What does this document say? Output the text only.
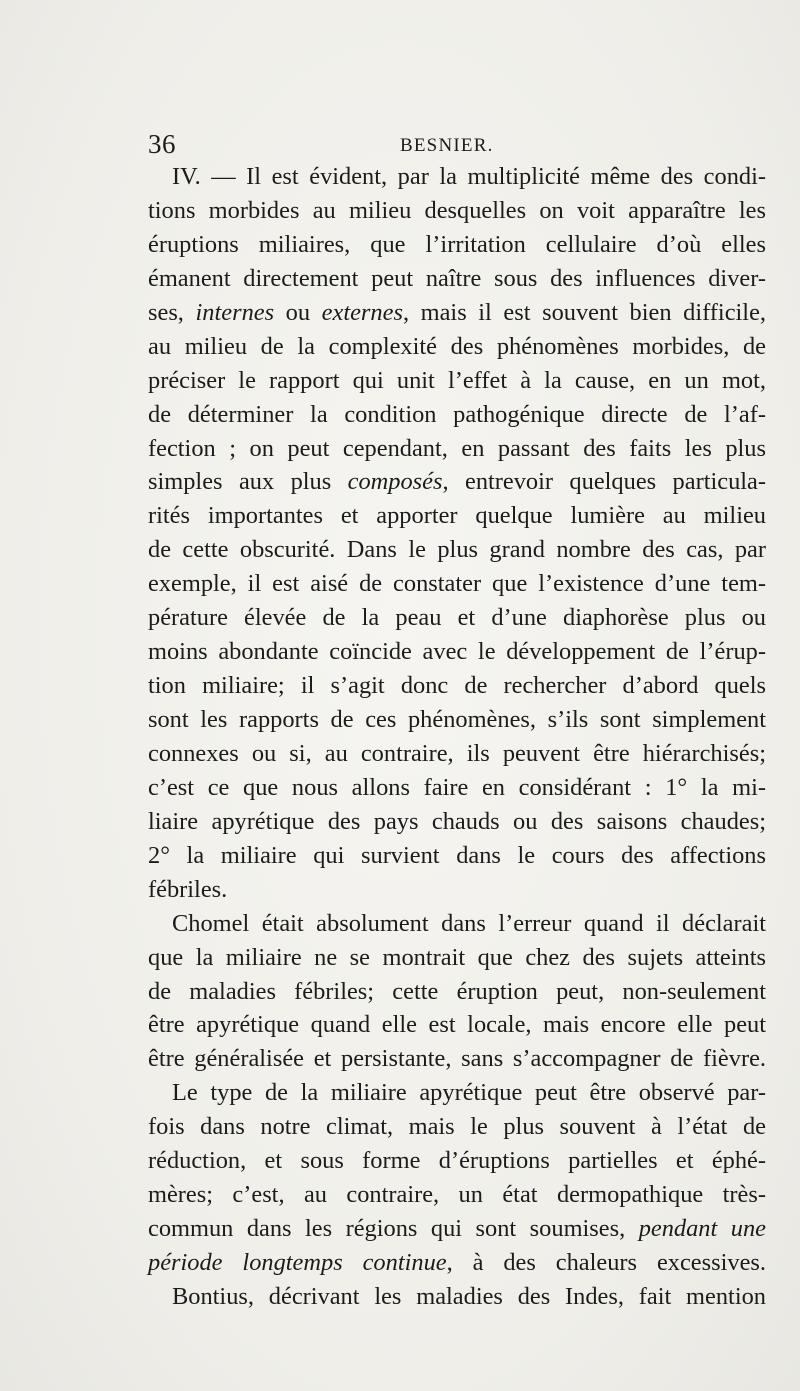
36	BESNIER.
IV. — Il est évident, par la multiplicité même des condi-
tions morbides au milieu desquelles on voit apparaître les
éruptions miliaires, que l’irritation cellulaire d’où elles
émanent directement peut naître sous des influences diver-
ses, internes ou externes, mais il est souvent bien difficile,
au milieu de la complexité des phénomènes morbides, de
préciser le rapport qui unit l’effet à la cause, en un mot,
de déterminer la condition pathogénique directe de l’af-
fection ; on peut cependant, en passant des faits les plus
simples aux plus composés, entrevoir quelques particula-
rités importantes et apporter quelque lumière au milieu
de cette obscurité. Dans le plus grand nombre des cas, par
exemple, il est aisé de constater que l’existence d’une tem-
pérature élevée de la peau et d’une diaphorèse plus ou
moins abondante coïncide avec le développement de l’érup-
tion miliaire; il s’agit donc de rechercher d’abord quels
sont les rapports de ces phénomènes, s’ils sont simplement
connexes ou si, au contraire, ils peuvent être hiérarchisés;
c’est ce que nous allons faire en considérant : 1° la mi-
liaire apyrétique des pays chauds ou des saisons chaudes;
2° la miliaire qui survient dans le cours des affections
fébriles.
Chomel était absolument dans l’erreur quand il déclarait
que la miliaire ne se montrait que chez des sujets atteints
de maladies fébriles; cette éruption peut, non-seulement
être apyrétique quand elle est locale, mais encore elle peut
être généralisée et persistante, sans s’accompagner de fièvre.
Le type de la miliaire apyrétique peut être observé par-
fois dans notre climat, mais le plus souvent à l’état de
réduction, et sous forme d’éruptions partielles et éphé-
mères; c’est, au contraire, un état dermopathique très-
commun dans les régions qui sont soumises, pendant une
période longtemps continue, à des chaleurs excessives.
Bontius, décrivant les maladies des Indes, fait mention
